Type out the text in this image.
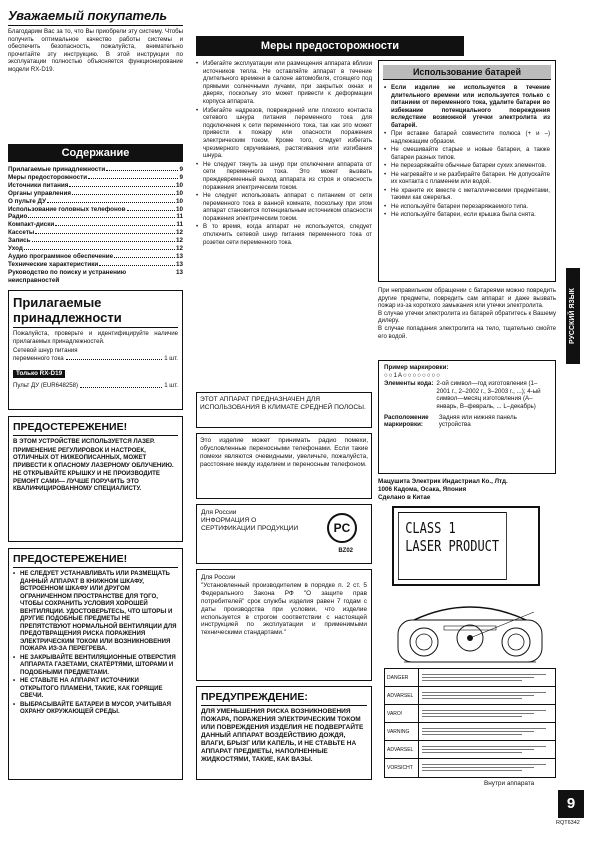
Уважаемый покупатель
Благодарим Вас за то, что Вы приобрели эту систему. Чтобы получить оптимальное качество работы системы и обеспечить безопасность, пожалуйста, внимательно прочитайте эту инструкцию. В этой инструкции по эксплуатации полностью объясняется функционирование модели RX-D19.
Содержание
Прилагаемые принадлежности	9
Меры предосторожности	9
Источники питания	10
Органы управления	10
О пульте ДУ	10
Использование головных телефонов	10
Радио	11
Компакт-диски	11
Кассеты	12
Запись	12
Уход	12
Аудио программное обеспечение	13
Технические характеристики	13
Руководство по поиску и устранению неисправностей
13
Прилагаемые принадлежности
Пожалуйста, проверьте и идентифицируйте наличие прилагаемых принадлежностей.
Сетевой шнур питания
переменного тока	1 шт.
Только RX-D19
Пульт ДУ (EUR648258)	1 шт.
ПРЕДОСТЕРЕЖЕНИЕ!
В ЭТОМ УСТРОЙСТВЕ ИСПОЛЬЗУЕТСЯ ЛАЗЕР.
ПРИМЕНЕНИЕ РЕГУЛИРОВОК И НАСТРОЕК, ОТЛИЧНЫХ ОТ НИЖЕОПИСАННЫХ, МОЖЕТ ПРИВЕСТИ К ОПАСНОМУ ЛАЗЕРНОМУ ОБЛУЧЕНИЮ.
НЕ ОТКРЫВАЙТЕ КРЫШКУ И НЕ ПРОИЗВОДИТЕ РЕМОНТ САМИ— ЛУЧШЕ ПОРУЧИТЬ ЭТО КВАЛИФИЦИРОВАННОМУ СПЕЦИАЛИСТУ.
ПРЕДОСТЕРЕЖЕНИЕ!
• НЕ СЛЕДУЕТ УСТАНАВЛИВАТЬ ИЛИ РАЗМЕЩАТЬ ДАННЫЙ АППАРАТ В КНИЖНОМ ШКАФУ, ВСТРОЕННОМ ШКАФУ ИЛИ ДРУГОМ ОГРАНИЧЕННОМ ПРОСТРАНСТВЕ ДЛЯ ТОГО, ЧТОБЫ СОХРАНИТЬ УСЛОВИЯ ХОРОШЕЙ ВЕНТИЛЯЦИИ. УДОСТОВЕРЬТЕСЬ, ЧТО ШТОРЫ И ДРУГИЕ ПОДОБНЫЕ ПРЕДМЕТЫ НЕ ПРЕПЯТСТВУЮТ НОРМАЛЬНОЙ ВЕНТИЛЯЦИИ ДЛЯ ПРЕДОТВРАЩЕНИЯ РИСКА ПОРАЖЕНИЯ ЭЛЕКТРИЧЕСКИМ ТОКОМ ИЛИ ВОЗНИКНОВЕНИЯ ПОЖАРА ИЗ-ЗА ПЕРЕГРЕВА.
• НЕ ЗАКРЫВАЙТЕ ВЕНТИЛЯЦИОННЫЕ ОТВЕРСТИЯ АППАРАТА ГАЗЕТАМИ, СКАТЕРТЯМИ, ШТОРАМИ И ПОДОБНЫМИ ПРЕДМЕТАМИ.
• НЕ СТАВЬТЕ НА АППАРАТ ИСТОЧНИКИ ОТКРЫТОГО ПЛАМЕНИ, ТАКИЕ, КАК ГОРЯЩИЕ СВЕЧИ.
• ВЫБРАСЫВАЙТЕ БАТАРЕИ В МУСОР, УЧИТЫВАЯ ОХРАНУ ОКРУЖАЮЩЕЙ СРЕДЫ.
Меры предосторожности
• Избегайте эксплуатации или размещения аппарата вблизи источников тепла. Не оставляйте аппарат в течение длительного времени в салоне автомобиля, стоящего под прямыми солнечными лучами, при закрытых окнах и дверях, поскольку это может привести к деформации корпуса аппарата.
• Избегайте надрезов, повреждений или плохого контакта сетевого шнура питания переменного тока для подключения к сети переменного тока, так как это может привести к пожару или опасности поражения электрическим током. Кроме того, следует избегать чрезмерного скручивания, растягивания или изгибания шнура.
• Не следует тянуть за шнур при отключении аппарата от сети переменного тока. Это может вызвать преждевременный выход аппарата из строя и опасность поражения электрическим током.
• Не следует использовать аппарат с питанием от сети переменного тока в ванной комнате, поскольку при этом аппарат становится потенциальным источником опасности поражения электрическим током.
• В то время, когда аппарат не используется, следует отключить сетевой шнур питания переменного тока от розетки сети переменного тока.
ЭТОТ АППАРАТ ПРЕДНАЗНАЧЕН ДЛЯ ИСПОЛЬЗОВАНИЯ В КЛИМАТЕ СРЕДНЕЙ ПОЛОСЫ.
Это изделие может принимать радио помехи, обусловленные переносными телефонами. Если такие помехи являются очевидными, увеличьте, пожалуйста, расстояние между изделием и переносным телефоном.
Для России
ИНФОРМАЦИЯ О СЕРТИФИКАЦИИ ПРОДУКЦИИ	PC
BZ02
Для России
"Установленный производителем в порядке п. 2 ст. 5 Федерального Закона РФ "О защите прав потребителей" срок службы изделия равен 7 годам с даты производства при условии, что изделие используется в строгом соответствии с настоящей инструкцией по эксплуатации и применимыми техническими стандартами."
ПРЕДУПРЕЖДЕНИЕ:
ДЛЯ УМЕНЬШЕНИЯ РИСКА ВОЗНИКНОВЕНИЯ ПОЖАРА, ПОРАЖЕНИЯ ЭЛЕКТРИЧЕСКИМ ТОКОМ ИЛИ ПОВРЕЖДЕНИЯ ИЗДЕЛИЯ НЕ ПОДВЕРГАЙТЕ ДАННЫЙ АППАРАТ ВОЗДЕЙСТВИЮ ДОЖДЯ, ВЛАГИ, БРЫЗГ ИЛИ КАПЕЛЬ, И НЕ СТАВЬТЕ НА АППАРАТ ПРЕДМЕТЫ, НАПОЛНЕННЫЕ ЖИДКОСТЯМИ, ТАКИЕ, КАК ВАЗЫ.
Использование батарей
• Если изделие не используется в течение длительного времени или используется только с питанием от переменного тока, удалите батареи во избежание потенциального повреждения вследствие возможной утечки электролита из батарей.
• При вставке батарей совместите полюса (+ и –) надлежащим образом.
• Не смешивайте старые и новые батареи, а также батареи разных типов.
• Не перезаряжайте обычные батареи сухих элементов.
• Не нагревайте и не разбирайте батареи. Не допускайте их контакта с пламенем или водой.
• Не храните их вместе с металлическими предметами, такими как ожерелья.
• Не используйте батареи перезаряжаемого типа.
• Не используйте батареи, если крышка была снята.
При неправильном обращении с батареями можно повредить другие предметы, повредить сам аппарат и даже вызвать пожар из-за короткого замыкания или утечки электролита.
В случае утечки электролита из батарей обратитесь к Вашему дилеру.
В случае попадания электролита на тело, тщательно смойте его водой.
Пример маркировки:
○○1A○○○○○○○○
Элементы кода: 2-ой символ—год изготовления (1–2001 г., 2–2002 г., 3–2003 г., ...); 4-ый символ—месяц изготовления (A–январь, B–февраль, ... L–декабрь)
Расположение маркировки:
Задняя или нижняя панель устройства
Мацушита Электрик Индастриал Ко., Лтд.
1006 Кадома, Осака, Япония
Сделано в Китае
CLASS 1
LASER PRODUCT
DANGER
ADVARSEL
VARO!
VARNING
ADVARSEL
VORSICHT
Внутри аппарата
РУССКИЙ ЯЗЫК
9
RQT6342
